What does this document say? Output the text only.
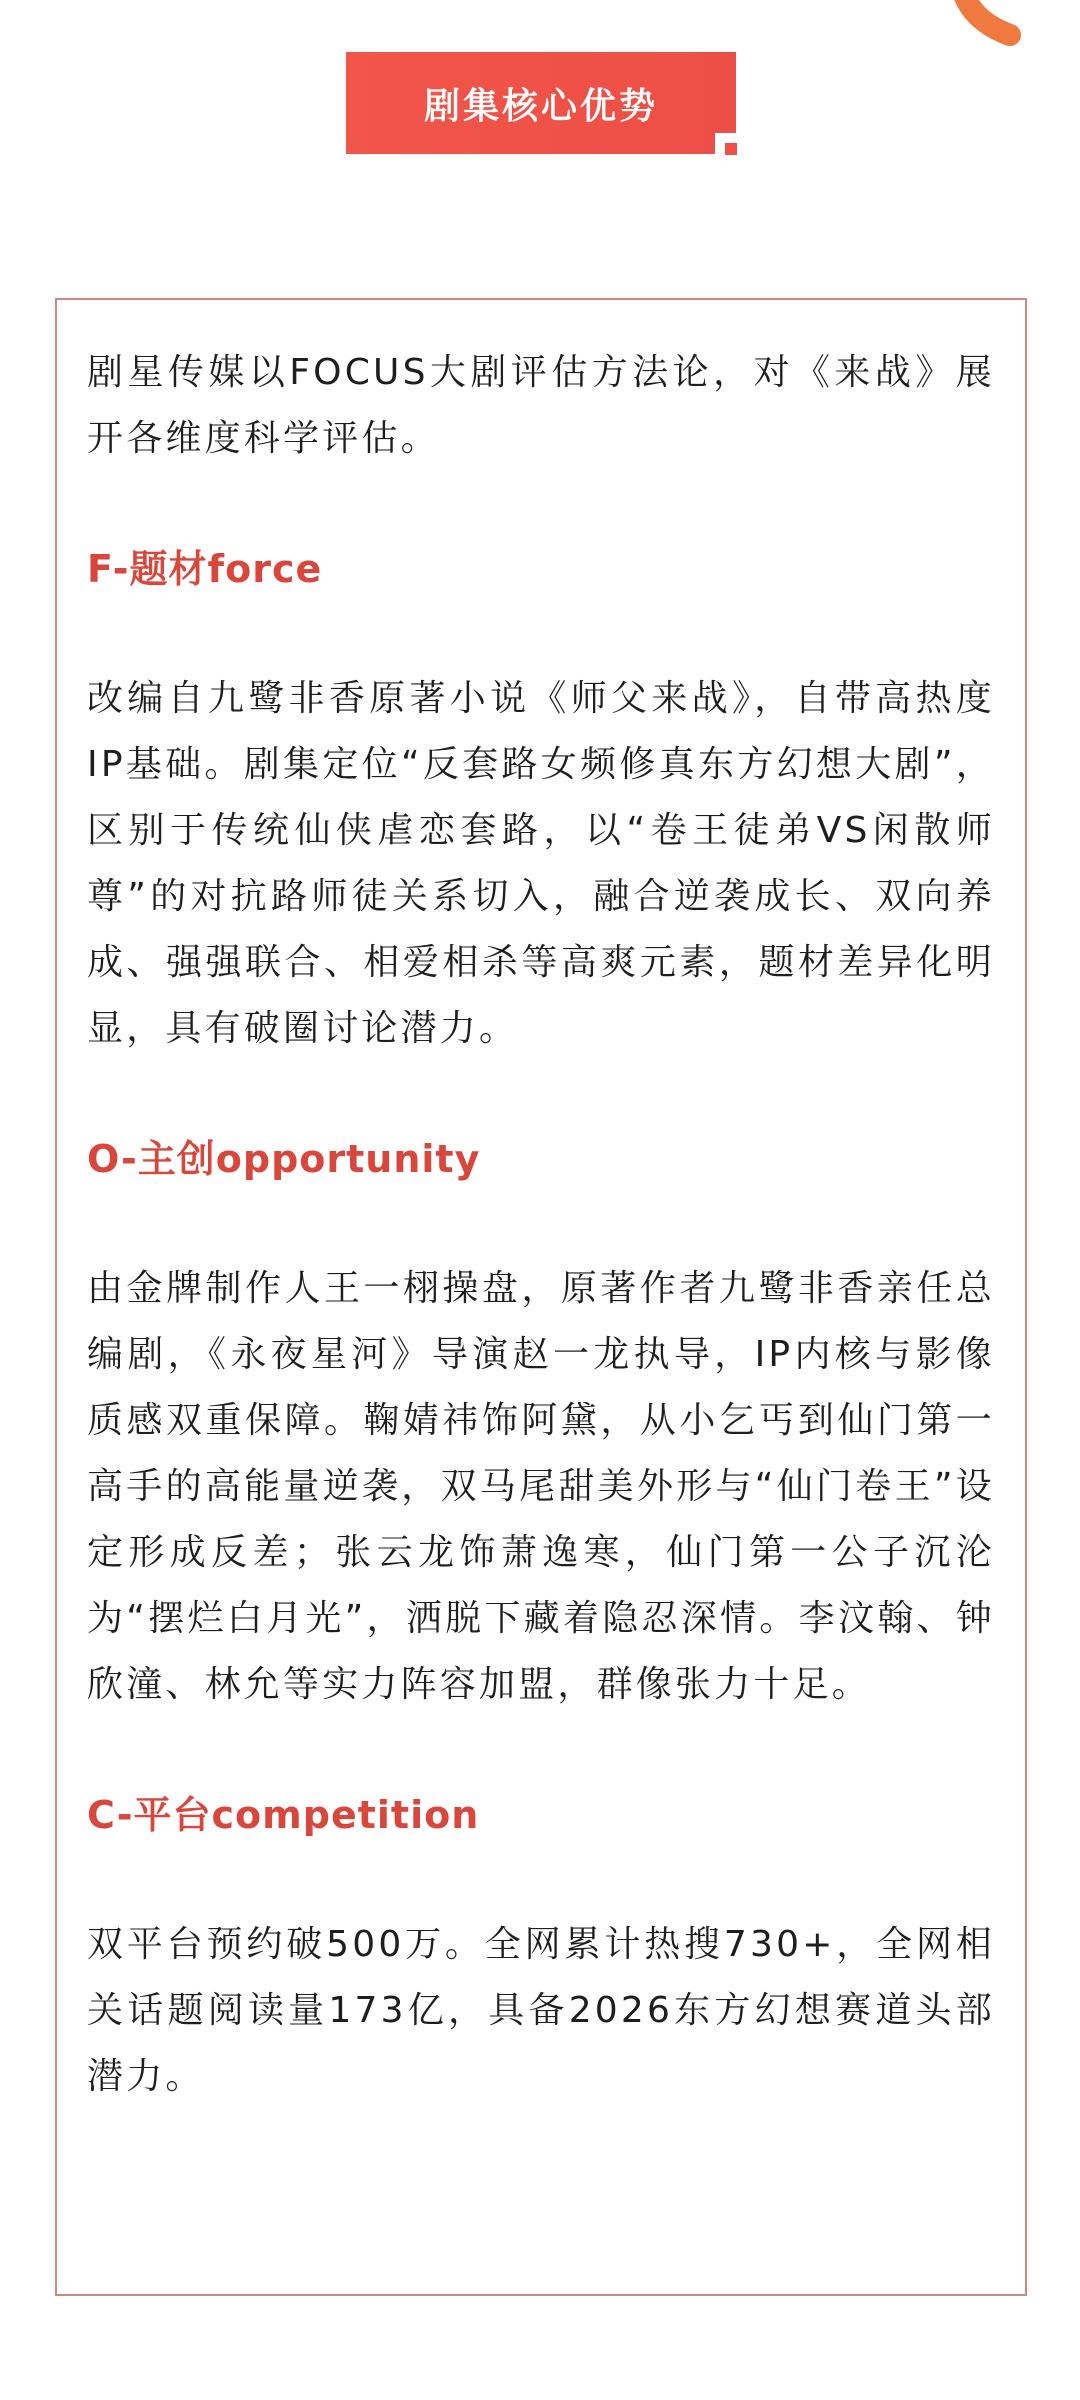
剧集核心优势

剧星传媒以FOCUS大剧评估方法论，对《来战》展开各维度科学评估。

F-题材force

改编自九鹭非香原著小说《师父来战》，自带高热度IP基础。剧集定位“反套路女频修真东方幻想大剧”，区别于传统仙侠虐恋套路，以“卷王徒弟VS闲散师尊”的对抗路师徒关系切入，融合逆袭成长、双向养成、强强联合、相爱相杀等高爽元素，题材差异化明显，具有破圈讨论潜力。

O-主创opportunity

由金牌制作人王一栩操盘，原著作者九鹭非香亲任总编剧，《永夜星河》导演赵一龙执导，IP内核与影像质感双重保障。鞠婧祎饰阿黛，从小乞丐到仙门第一高手的高能量逆袭，双马尾甜美外形与“仙门卷王”设定形成反差；张云龙饰萧逸寒，仙门第一公子沉沦为“摆烂白月光”，洒脱下藏着隐忍深情。李汶翰、钟欣潼、林允等实力阵容加盟，群像张力十足。

C-平台competition

双平台预约破500万。全网累计热搜730+，全网相关话题阅读量173亿，具备2026东方幻想赛道头部潜力。
